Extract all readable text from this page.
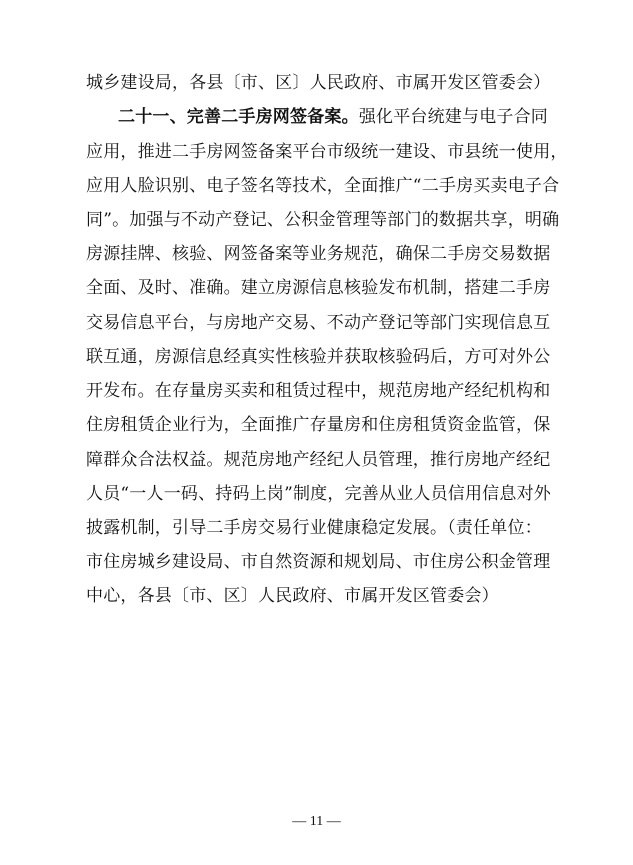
城乡建设局，各县〔市、区〕人民政府、市属开发区管委会）
二十一、完善二手房网签备案。强化平台统建与电子合同
应用，推进二手房网签备案平台市级统一建设、市县统一使用，
应用人脸识别、电子签名等技术，全面推广“二手房买卖电子合
同”。加强与不动产登记、公积金管理等部门的数据共享，明确
房源挂牌、核验、网签备案等业务规范，确保二手房交易数据
全面、及时、准确。建立房源信息核验发布机制，搭建二手房
交易信息平台，与房地产交易、不动产登记等部门实现信息互
联互通，房源信息经真实性核验并获取核验码后，方可对外公
开发布。在存量房买卖和租赁过程中，规范房地产经纪机构和
住房租赁企业行为，全面推广存量房和住房租赁资金监管，保
障群众合法权益。规范房地产经纪人员管理，推行房地产经纪
人员“一人一码、持码上岗”制度，完善从业人员信用信息对外
披露机制，引导二手房交易行业健康稳定发展。（责任单位：
市住房城乡建设局、市自然资源和规划局、市住房公积金管理
中心，各县〔市、区〕人民政府、市属开发区管委会）
— 11 —
